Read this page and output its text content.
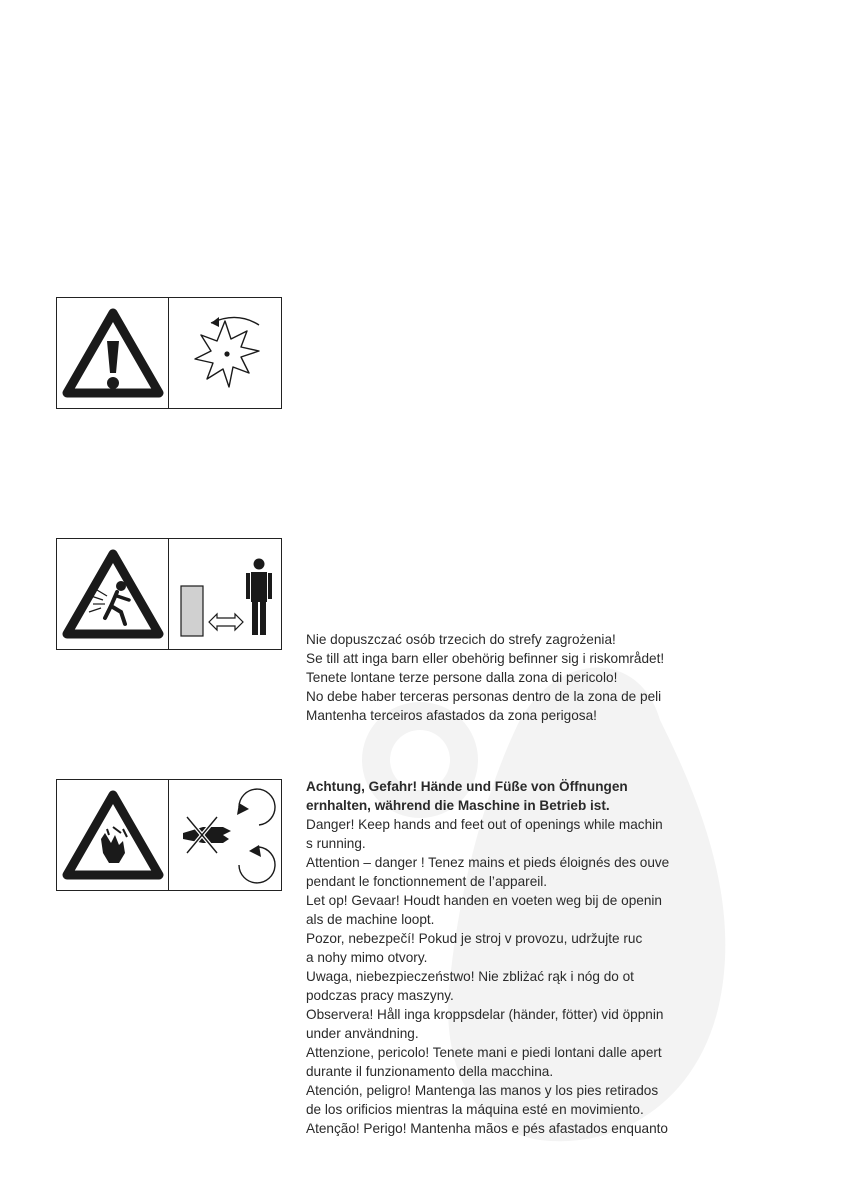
Nie dopuszczać osób trzecich do strefy zagrożenia!
Se till att inga barn eller obehörig befinner sig i riskområdet!
Tenete lontane terze persone dalla zona di pericolo!
No debe haber terceras personas dentro de la zona de peli
Mantenha terceiros afastados da zona perigosa!
Achtung, Gefahr! Hände und Füße von Öffnungen
ernhalten, während die Maschine in Betrieb ist.
Danger! Keep hands and feet out of openings while machin
s running.
Attention – danger ! Tenez mains et pieds éloignés des ouve
pendant le fonctionnement de l’appareil.
Let op! Gevaar! Houdt handen en voeten weg bij de openin
als de machine loopt.
Pozor, nebezpečí! Pokud je stroj v provozu, udržujte ruc
a nohy mimo otvory.
Uwaga, niebezpieczeństwo! Nie zbliżać rąk i nóg do ot
podczas pracy maszyny.
Observera! Håll inga kroppsdelar (händer, fötter) vid öppnin
under användning.
Attenzione, pericolo! Tenete mani e piedi lontani dalle apert
durante il funzionamento della macchina.
Atención, peligro! Mantenga las manos y los pies retirados
de los orificios mientras la máquina esté en movimiento.
Atenção! Perigo! Mantenha mãos e pés afastados enquanto
